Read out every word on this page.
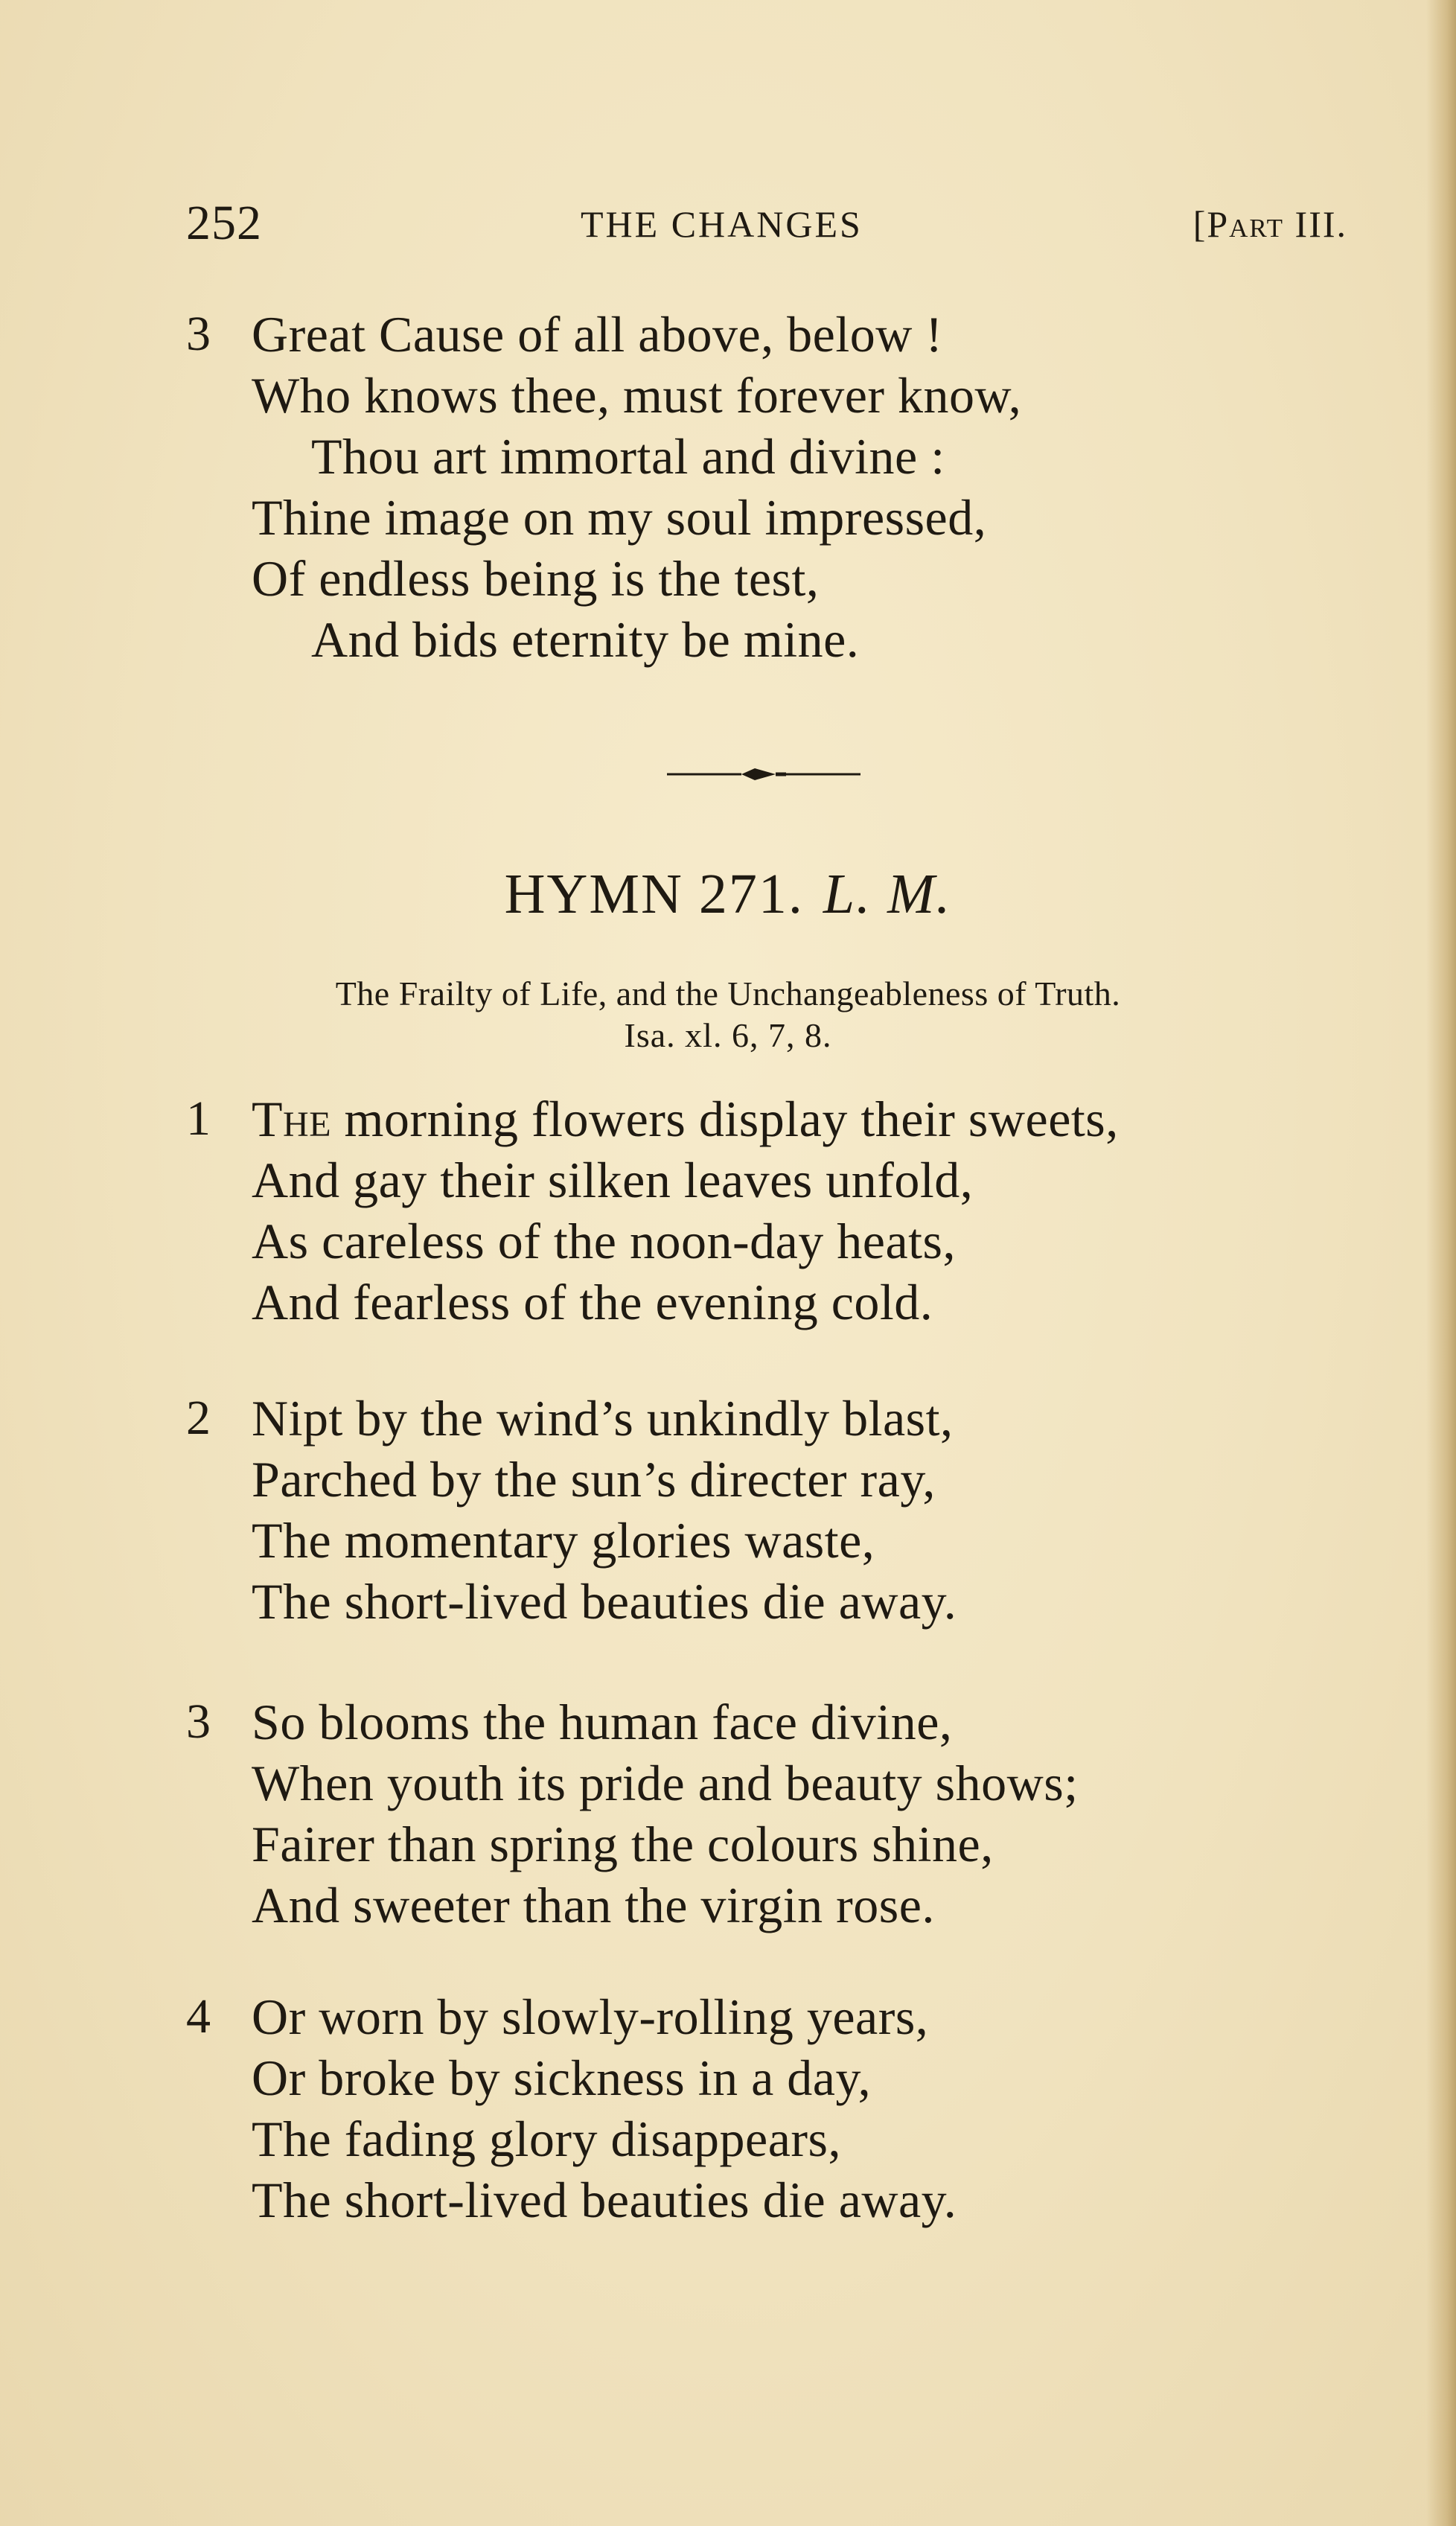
252	THE CHANGES	[Part III.
3 Great Cause of all above, below !
Who knows thee, must forever know,
Thou art immortal and divine :
Thine image on my soul impressed,
Of endless being is the test,
And bids eternity be mine.
HYMN 271. L. M.
The Frailty of Life, and the Unchangeableness of Truth.
Isa. xl. 6, 7, 8.
1 The morning flowers display their sweets,
And gay their silken leaves unfold,
As careless of the noon-day heats,
And fearless of the evening cold.
2 Nipt by the wind’s unkindly blast,
Parched by the sun’s directer ray,
The momentary glories waste,
The short-lived beauties die away.
3 So blooms the human face divine,
When youth its pride and beauty shows;
Fairer than spring the colours shine,
And sweeter than the virgin rose.
4 Or worn by slowly-rolling years,
Or broke by sickness in a day,
The fading glory disappears,
The short-lived beauties die away.
